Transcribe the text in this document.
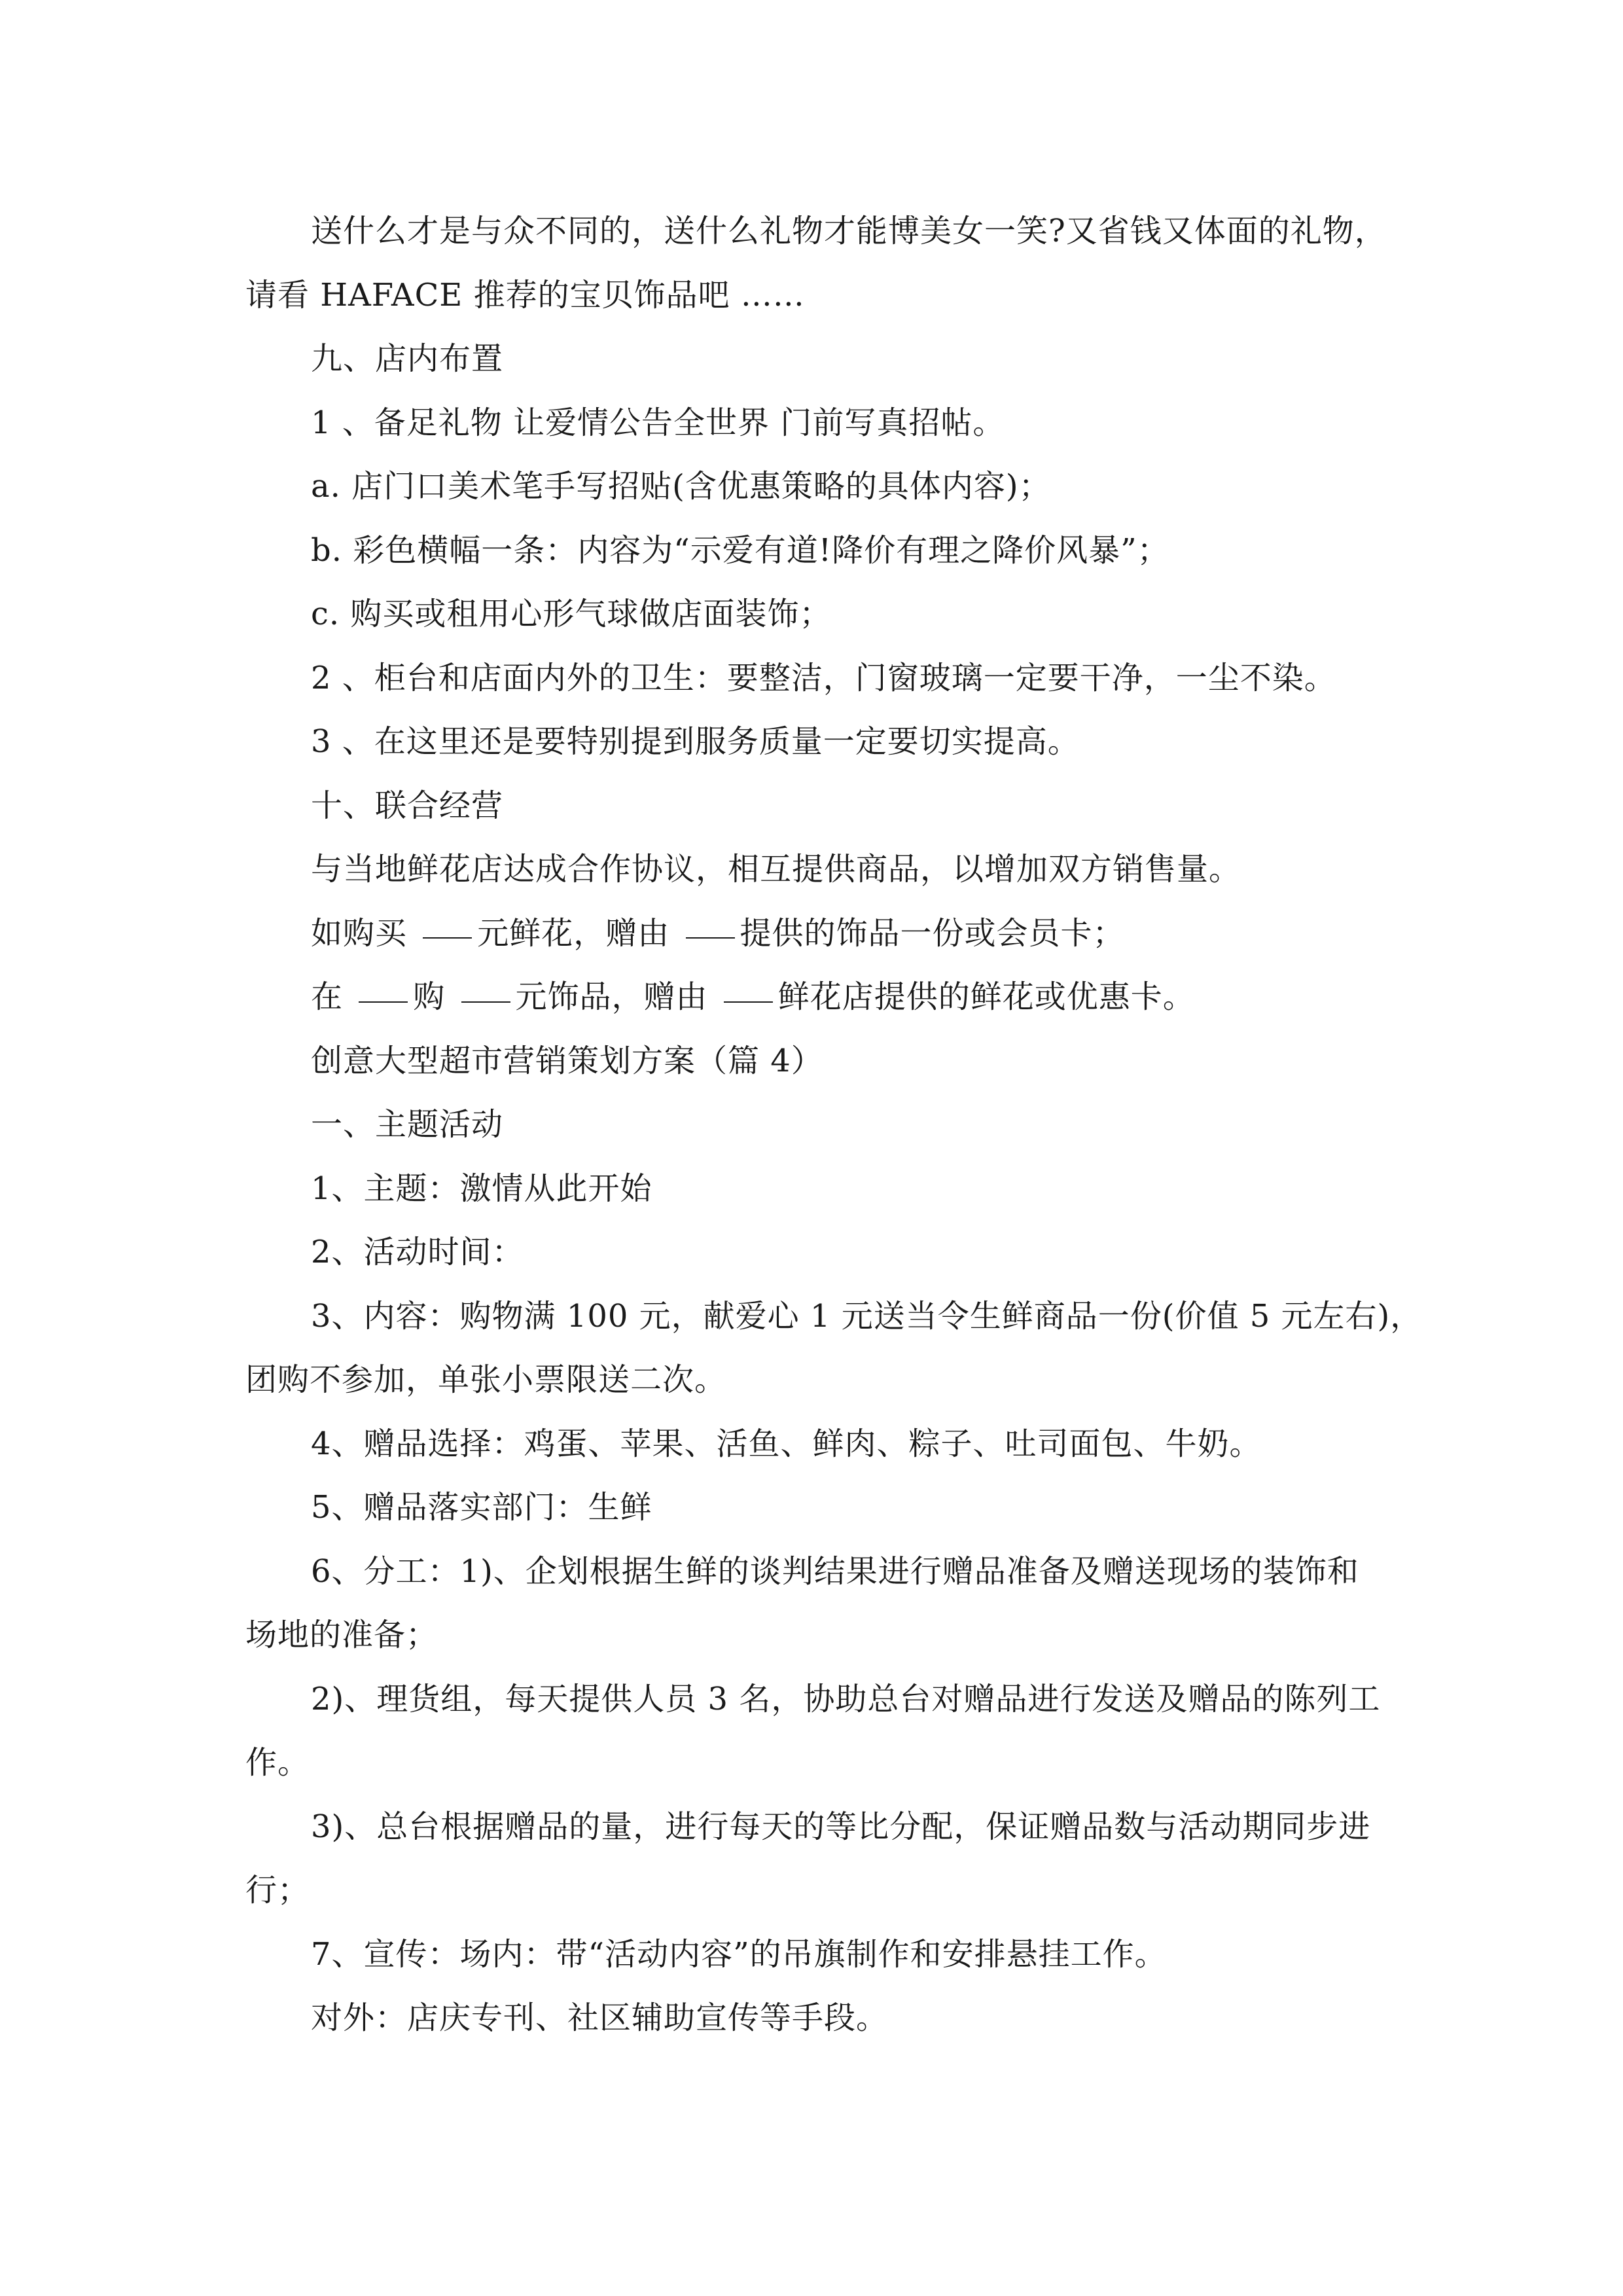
送什么才是与众不同的，送什么礼物才能博美女一笑?又省钱又体面的礼物，
请看 HAFACE 推荐的宝贝饰品吧 ……
九、店内布置
1 、备足礼物 让爱情公告全世界 门前写真招帖。
a. 店门口美术笔手写招贴(含优惠策略的具体内容)；
b. 彩色横幅一条：内容为“示爱有道!降价有理之降价风暴”；
c. 购买或租用心形气球做店面装饰；
2 、柜台和店面内外的卫生：要整洁，门窗玻璃一定要干净，一尘不染。
3 、在这里还是要特别提到服务质量一定要切实提高。
十、联合经营
与当地鲜花店达成合作协议，相互提供商品，以增加双方销售量。
如购买 元鲜花，赠由 提供的饰品一份或会员卡；
在 购 元饰品，赠由 鲜花店提供的鲜花或优惠卡。
创意大型超市营销策划方案（篇 4）
一、主题活动
1、主题：激情从此开始
2、活动时间：
3、内容：购物满 100 元，献爱心 1 元送当令生鲜商品一份(价值 5 元左右)，
团购不参加，单张小票限送二次。
4、赠品选择：鸡蛋、苹果、活鱼、鲜肉、粽子、吐司面包、牛奶。
5、赠品落实部门：生鲜
6、分工：1)、企划根据生鲜的谈判结果进行赠品准备及赠送现场的装饰和
场地的准备；
2)、理货组，每天提供人员 3 名，协助总台对赠品进行发送及赠品的陈列工
作。
3)、总台根据赠品的量，进行每天的等比分配，保证赠品数与活动期同步进
行；
7、宣传：场内：带“活动内容”的吊旗制作和安排悬挂工作。
对外：店庆专刊、社区辅助宣传等手段。
